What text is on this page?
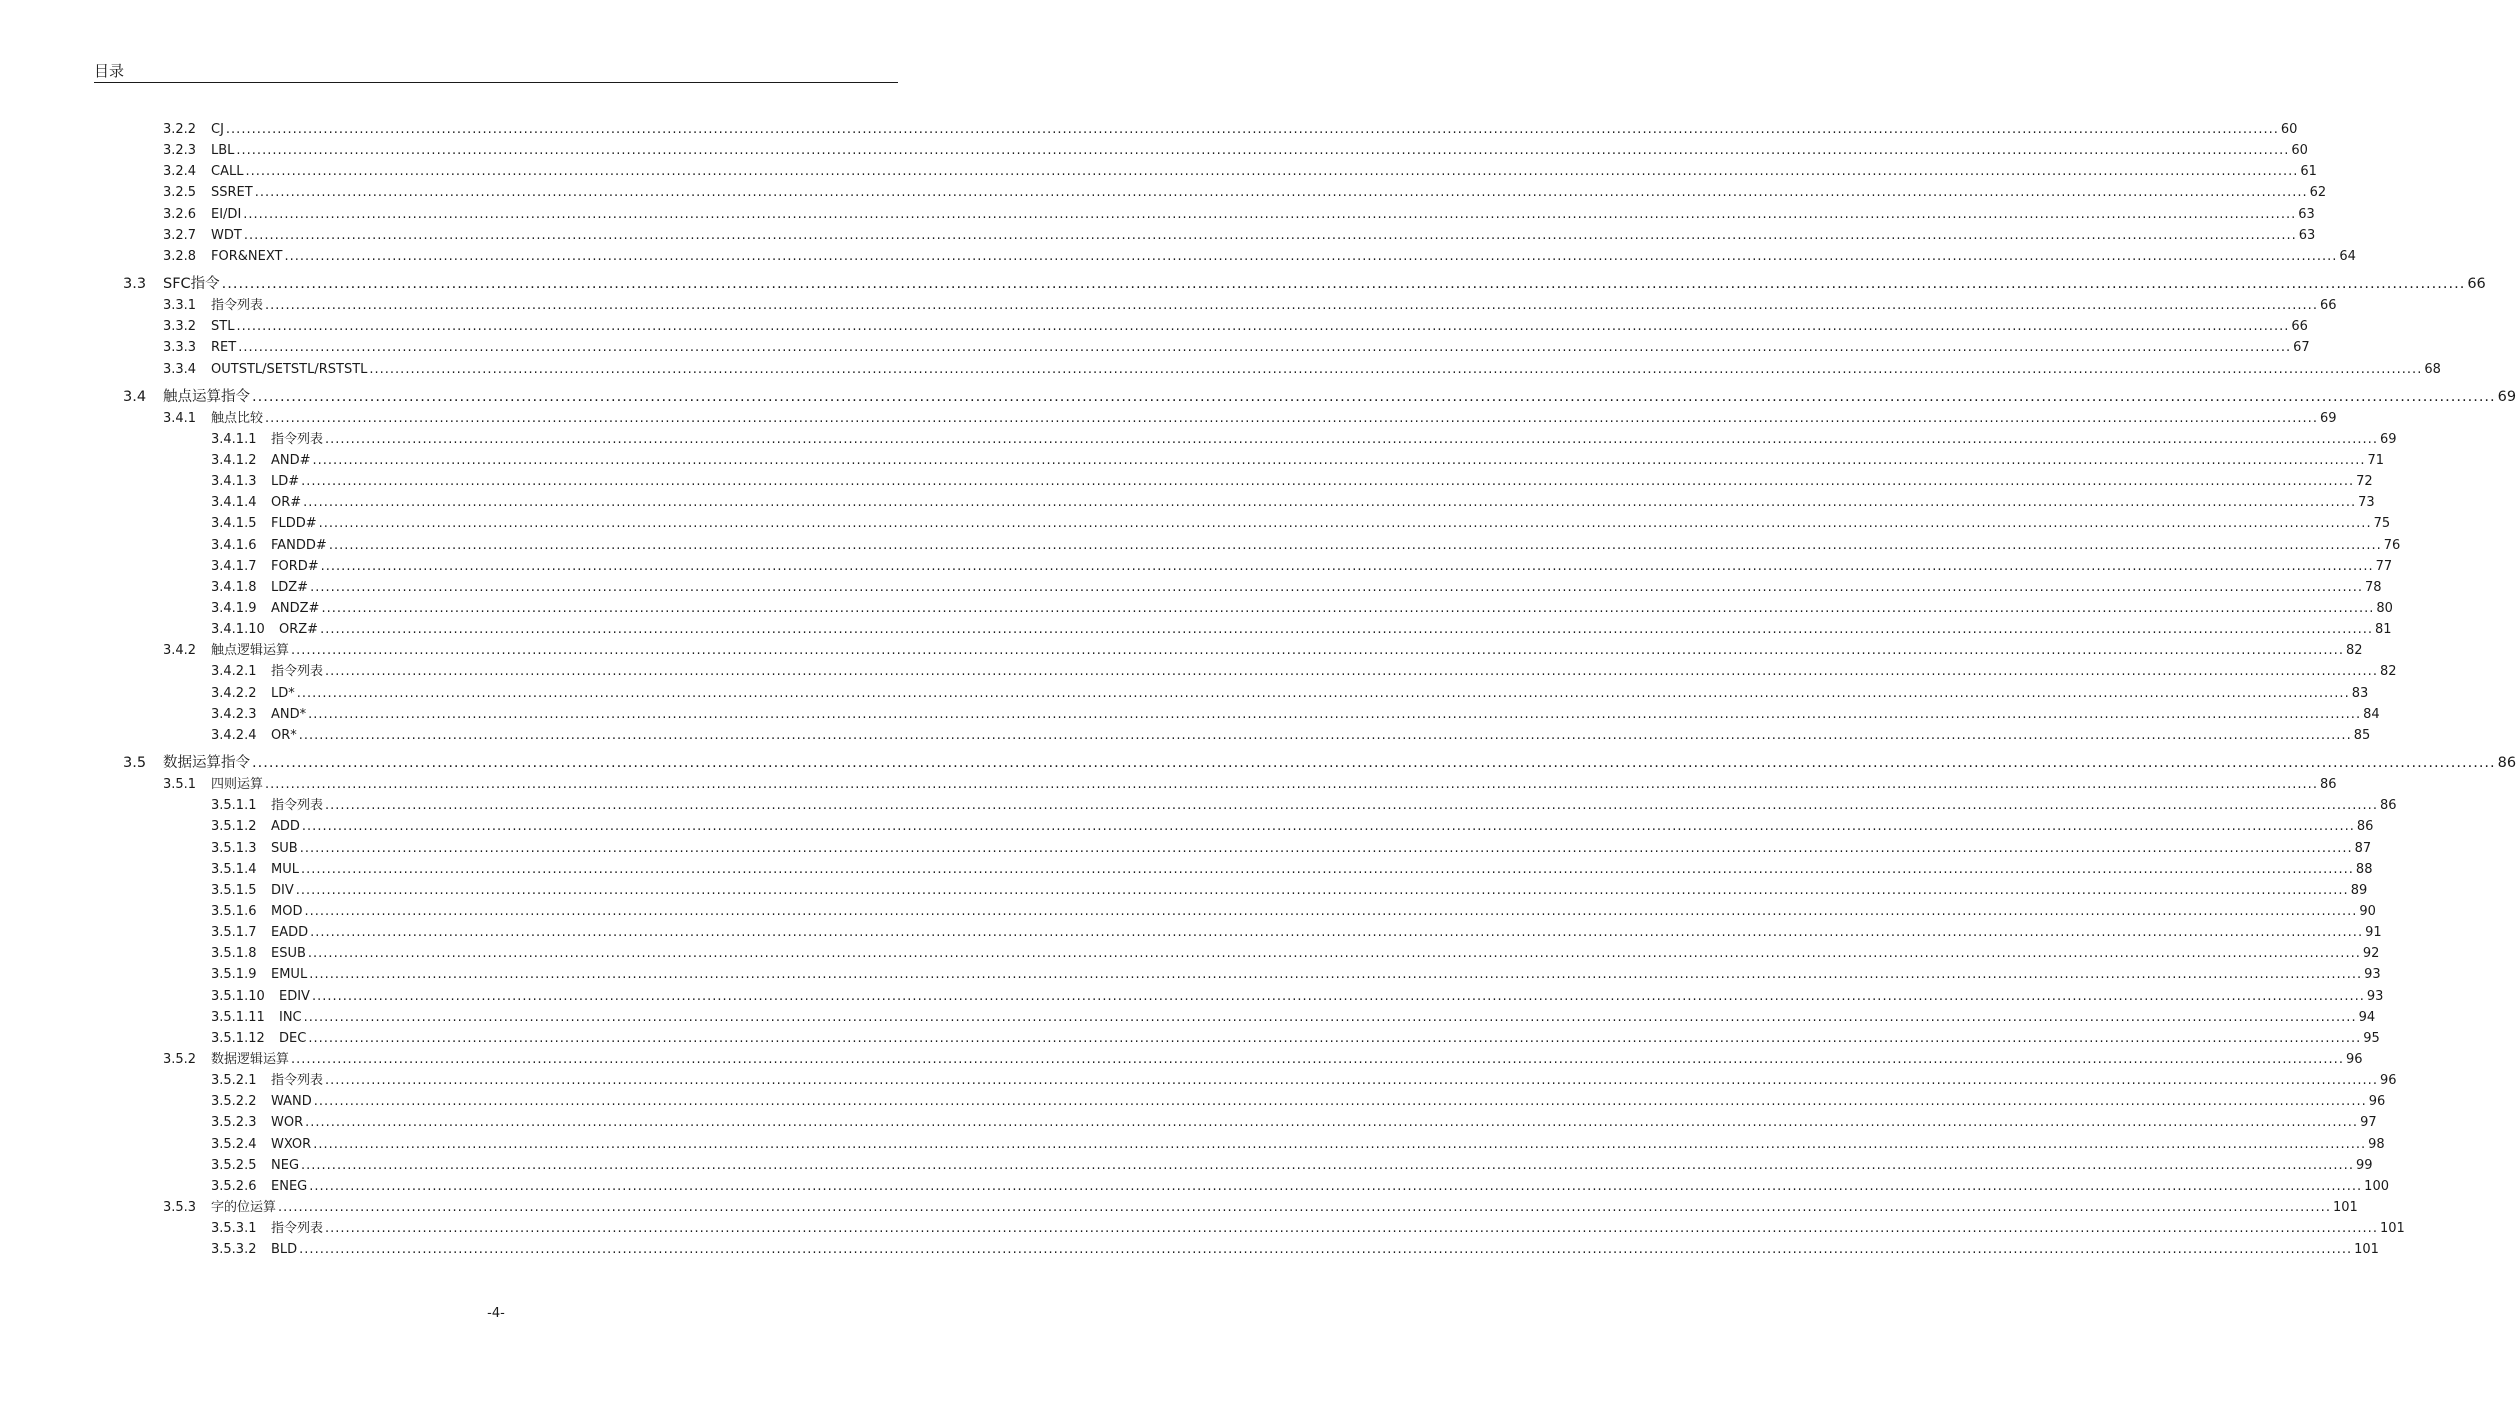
目录
3.2.2	CJ ................................................................................................................................................................................................................................................................................................................................................................................................................ 60
3.2.3	LBL ................................................................................................................................................................................................................................................................................................................................................................................................................ 60
3.2.4	CALL ................................................................................................................................................................................................................................................................................................................................................................................................................ 61
3.2.5	SSRET ................................................................................................................................................................................................................................................................................................................................................................................................................ 62
3.2.6	EI/DI ................................................................................................................................................................................................................................................................................................................................................................................................................ 63
3.2.7	WDT ................................................................................................................................................................................................................................................................................................................................................................................................................ 63
3.2.8	FOR&NEXT ................................................................................................................................................................................................................................................................................................................................................................................................................ 64
3.3	SFC指令 ................................................................................................................................................................................................................................................................................................................................................................................................................ 66
3.3.1	指令列表 ................................................................................................................................................................................................................................................................................................................................................................................................................ 66
3.3.2	STL ................................................................................................................................................................................................................................................................................................................................................................................................................ 66
3.3.3	RET ................................................................................................................................................................................................................................................................................................................................................................................................................ 67
3.3.4	OUTSTL/SETSTL/RSTSTL ................................................................................................................................................................................................................................................................................................................................................................................................................ 68
3.4	触点运算指令 ................................................................................................................................................................................................................................................................................................................................................................................................................ 69
3.4.1	触点比较 ................................................................................................................................................................................................................................................................................................................................................................................................................ 69
3.4.1.1	指令列表 ................................................................................................................................................................................................................................................................................................................................................................................................................ 69
3.4.1.2	AND# ................................................................................................................................................................................................................................................................................................................................................................................................................ 71
3.4.1.3	LD# ................................................................................................................................................................................................................................................................................................................................................................................................................ 72
3.4.1.4	OR# ................................................................................................................................................................................................................................................................................................................................................................................................................ 73
3.4.1.5	FLDD# ................................................................................................................................................................................................................................................................................................................................................................................................................ 75
3.4.1.6	FANDD# ................................................................................................................................................................................................................................................................................................................................................................................................................ 76
3.4.1.7	FORD# ................................................................................................................................................................................................................................................................................................................................................................................................................ 77
3.4.1.8	LDZ# ................................................................................................................................................................................................................................................................................................................................................................................................................ 78
3.4.1.9	ANDZ# ................................................................................................................................................................................................................................................................................................................................................................................................................ 80
3.4.1.10	ORZ# ................................................................................................................................................................................................................................................................................................................................................................................................................ 81
3.4.2	触点逻辑运算 ................................................................................................................................................................................................................................................................................................................................................................................................................ 82
3.4.2.1	指令列表 ................................................................................................................................................................................................................................................................................................................................................................................................................ 82
3.4.2.2	LD* ................................................................................................................................................................................................................................................................................................................................................................................................................ 83
3.4.2.3	AND* ................................................................................................................................................................................................................................................................................................................................................................................................................ 84
3.4.2.4	OR* ................................................................................................................................................................................................................................................................................................................................................................................................................ 85
3.5	数据运算指令 ................................................................................................................................................................................................................................................................................................................................................................................................................ 86
3.5.1	四则运算 ................................................................................................................................................................................................................................................................................................................................................................................................................ 86
3.5.1.1	指令列表 ................................................................................................................................................................................................................................................................................................................................................................................................................ 86
3.5.1.2	ADD ................................................................................................................................................................................................................................................................................................................................................................................................................ 86
3.5.1.3	SUB ................................................................................................................................................................................................................................................................................................................................................................................................................ 87
3.5.1.4	MUL ................................................................................................................................................................................................................................................................................................................................................................................................................ 88
3.5.1.5	DIV ................................................................................................................................................................................................................................................................................................................................................................................................................ 89
3.5.1.6	MOD ................................................................................................................................................................................................................................................................................................................................................................................................................ 90
3.5.1.7	EADD ................................................................................................................................................................................................................................................................................................................................................................................................................ 91
3.5.1.8	ESUB ................................................................................................................................................................................................................................................................................................................................................................................................................ 92
3.5.1.9	EMUL ................................................................................................................................................................................................................................................................................................................................................................................................................ 93
3.5.1.10	EDIV ................................................................................................................................................................................................................................................................................................................................................................................................................ 93
3.5.1.11	INC ................................................................................................................................................................................................................................................................................................................................................................................................................ 94
3.5.1.12	DEC ................................................................................................................................................................................................................................................................................................................................................................................................................ 95
3.5.2	数据逻辑运算 ................................................................................................................................................................................................................................................................................................................................................................................................................ 96
3.5.2.1	指令列表 ................................................................................................................................................................................................................................................................................................................................................................................................................ 96
3.5.2.2	WAND ................................................................................................................................................................................................................................................................................................................................................................................................................ 96
3.5.2.3	WOR ................................................................................................................................................................................................................................................................................................................................................................................................................ 97
3.5.2.4	WXOR ................................................................................................................................................................................................................................................................................................................................................................................................................ 98
3.5.2.5	NEG ................................................................................................................................................................................................................................................................................................................................................................................................................ 99
3.5.2.6	ENEG ................................................................................................................................................................................................................................................................................................................................................................................................................ 100
3.5.3	字的位运算 ................................................................................................................................................................................................................................................................................................................................................................................................................ 101
3.5.3.1	指令列表 ................................................................................................................................................................................................................................................................................................................................................................................................................ 101
3.5.3.2	BLD ................................................................................................................................................................................................................................................................................................................................................................................................................ 101
-4-
